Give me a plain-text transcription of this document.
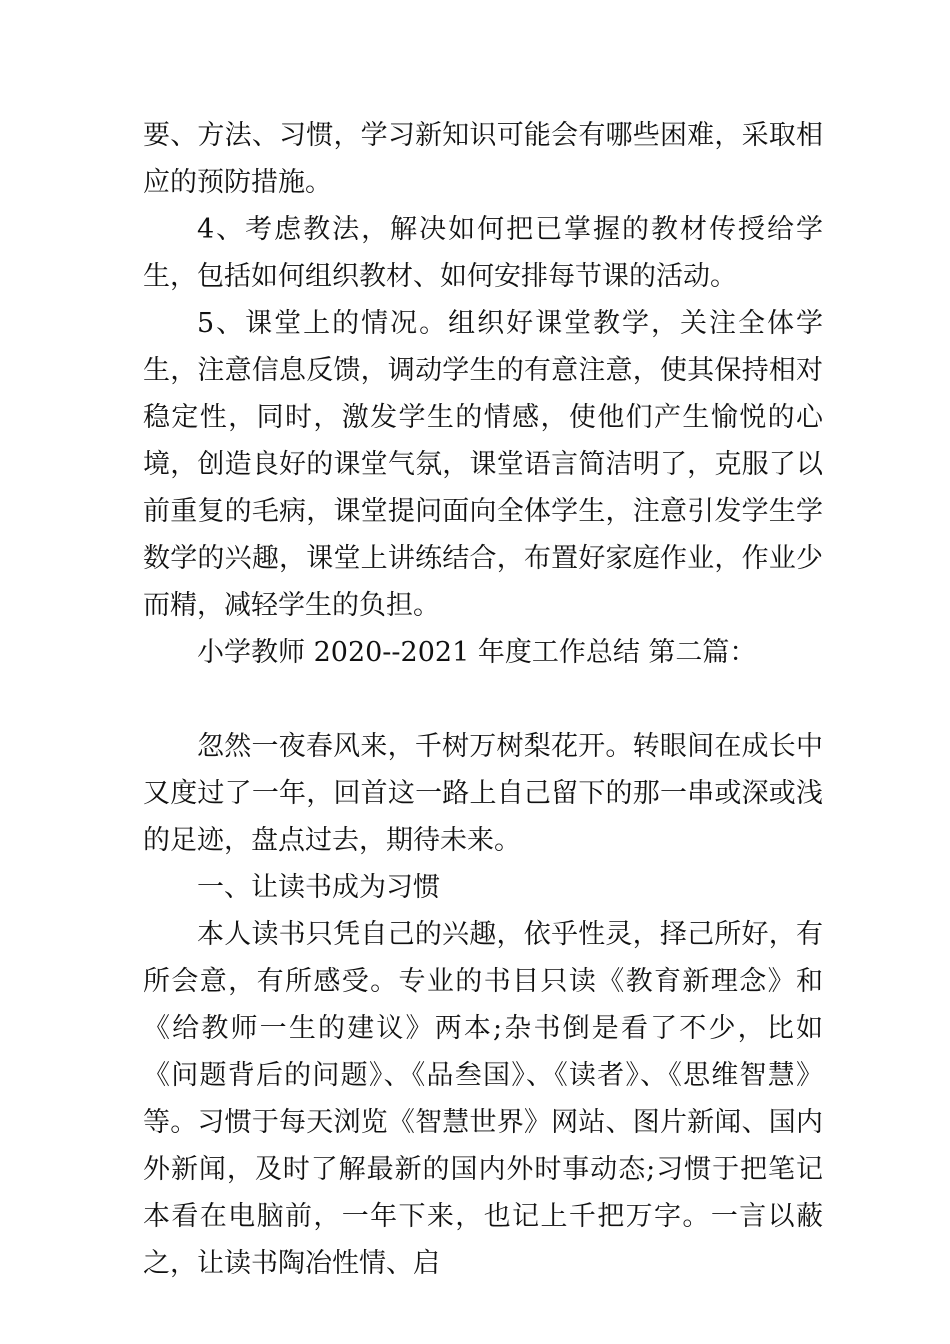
要、方法、习惯，学习新知识可能会有哪些困难，采取相应的预防措施。

4、考虑教法，解决如何把已掌握的教材传授给学生，包括如何组织教材、如何安排每节课的活动。

5、课堂上的情况。组织好课堂教学，关注全体学生，注意信息反馈，调动学生的有意注意，使其保持相对稳定性，同时，激发学生的情感，使他们产生愉悦的心境，创造良好的课堂气氛，课堂语言简洁明了，克服了以前重复的毛病，课堂提问面向全体学生，注意引发学生学数学的兴趣，课堂上讲练结合，布置好家庭作业，作业少而精，减轻学生的负担。

小学教师 2020--2021 年度工作总结 第二篇：

忽然一夜春风来，千树万树梨花开。转眼间在成长中又度过了一年，回首这一路上自己留下的那一串或深或浅的足迹，盘点过去，期待未来。

一、让读书成为习惯

本人读书只凭自己的兴趣，依乎性灵，择己所好，有所会意，有所感受。专业的书目只读《教育新理念》和《给教师一生的建议》两本;杂书倒是看了不少，比如《问题背后的问题》、《品叁国》、《读者》、《思维智慧》等。习惯于每天浏览《智慧世界》网站、图片新闻、国内外新闻，及时了解最新的国内外时事动态;习惯于把笔记本看在电脑前，一年下来，也记上千把万字。一言以蔽之，让读书陶冶性情、启
